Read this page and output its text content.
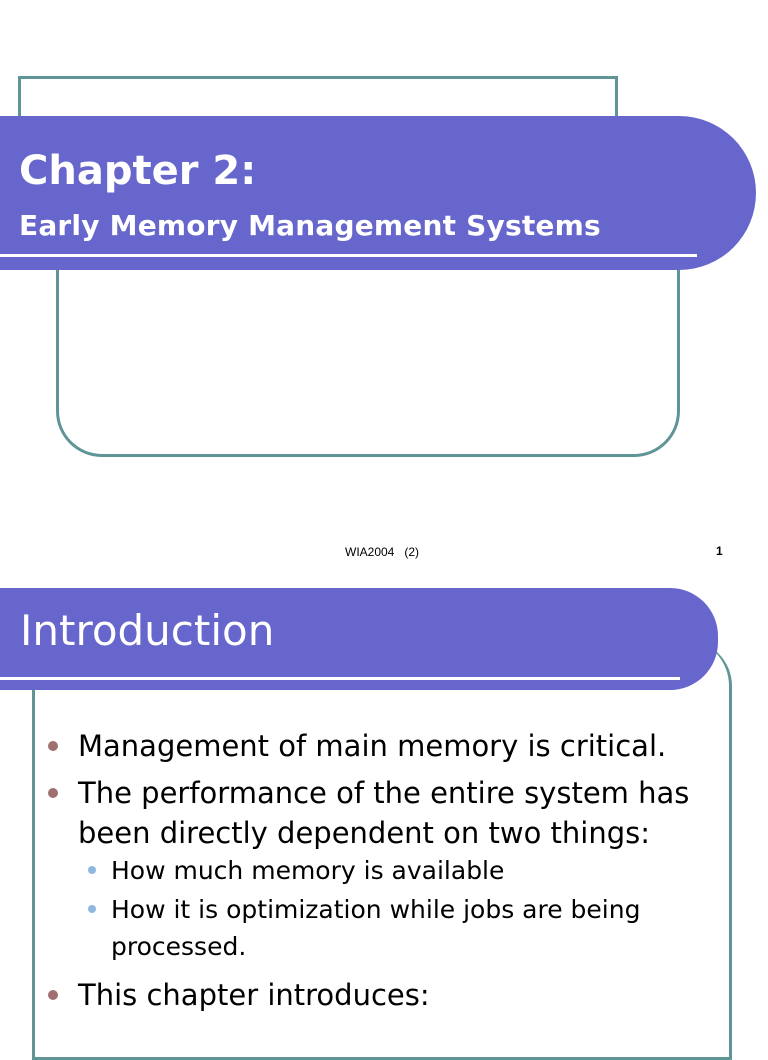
Chapter 2:
Early Memory Management Systems
WIA2004   (2)	1
Introduction
Management of main memory is critical.
The performance of the entire system has
been directly dependent on two things:
How much memory is available
How it is optimization while jobs are being
processed.
This chapter introduces:
